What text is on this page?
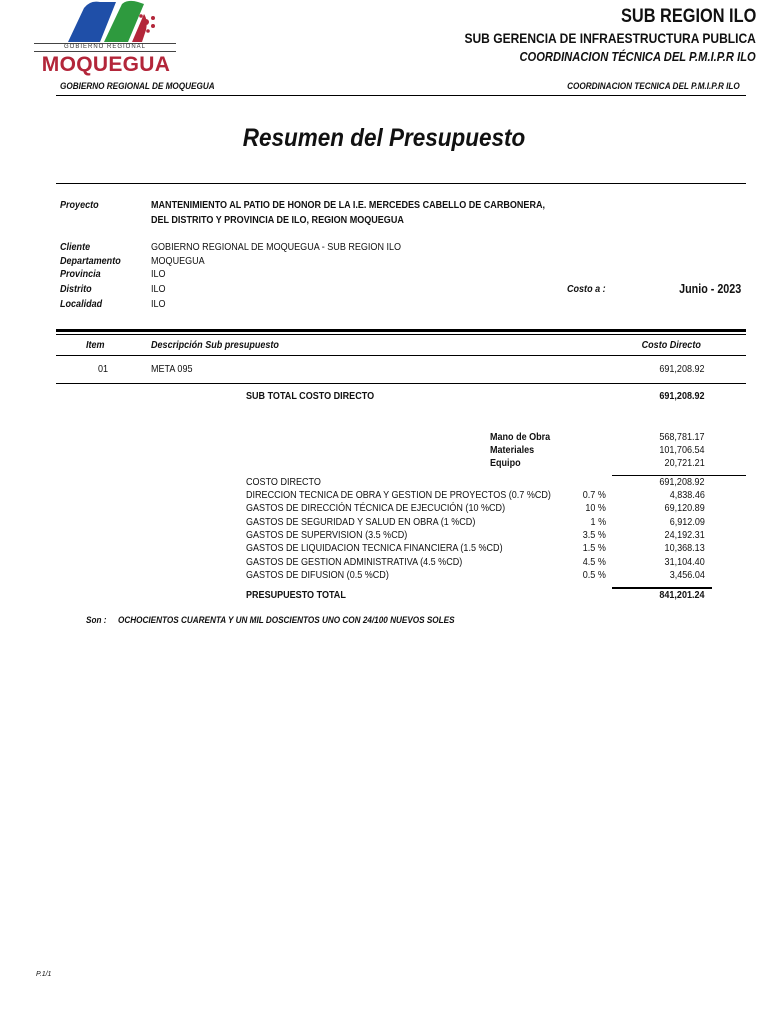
GOBIERNO REGIONAL
MOQUEGUA
SUB REGION ILO
SUB GERENCIA DE INFRAESTRUCTURA PUBLICA
COORDINACION TÉCNICA DEL P.M.I.P.R ILO
GOBIERNO REGIONAL DE MOQUEGUA	COORDINACION TECNICA DEL P.M.I.P.R ILO
Resumen del Presupuesto
Proyecto	MANTENIMIENTO AL PATIO DE HONOR DE LA I.E. MERCEDES CABELLO DE CARBONERA,
DEL DISTRITO Y PROVINCIA DE ILO, REGION MOQUEGUA
Cliente	GOBIERNO REGIONAL DE MOQUEGUA - SUB REGION ILO
Departamento	MOQUEGUA
Provincia	ILO
Distrito	ILO	Costo a :	Junio - 2023
Localidad	ILO
Item	Descripción Sub presupuesto	Costo Directo
01	META 095	691,208.92
SUB TOTAL COSTO DIRECTO	691,208.92
Mano de Obra	568,781.17
Materiales	101,706.54
Equipo	20,721.21
COSTO DIRECTO	691,208.92
DIRECCION TECNICA DE OBRA Y GESTION DE PROYECTOS (0.7 %CD)	0.7 %	4,838.46
GASTOS DE DIRECCIÓN TÉCNICA DE EJECUCIÓN (10 %CD)	10 %	69,120.89
GASTOS DE SEGURIDAD Y SALUD EN OBRA (1 %CD)	1 %	6,912.09
GASTOS DE SUPERVISION (3.5 %CD)	3.5 %	24,192.31
GASTOS DE LIQUIDACION TECNICA FINANCIERA (1.5 %CD)	1.5 %	10,368.13
GASTOS DE GESTION ADMINISTRATIVA (4.5 %CD)	4.5 %	31,104.40
GASTOS DE DIFUSION (0.5 %CD)	0.5 %	3,456.04
PRESUPUESTO TOTAL	841,201.24
Son : OCHOCIENTOS CUARENTA Y UN MIL DOSCIENTOS UNO CON 24/100 NUEVOS SOLES
P.1/1
